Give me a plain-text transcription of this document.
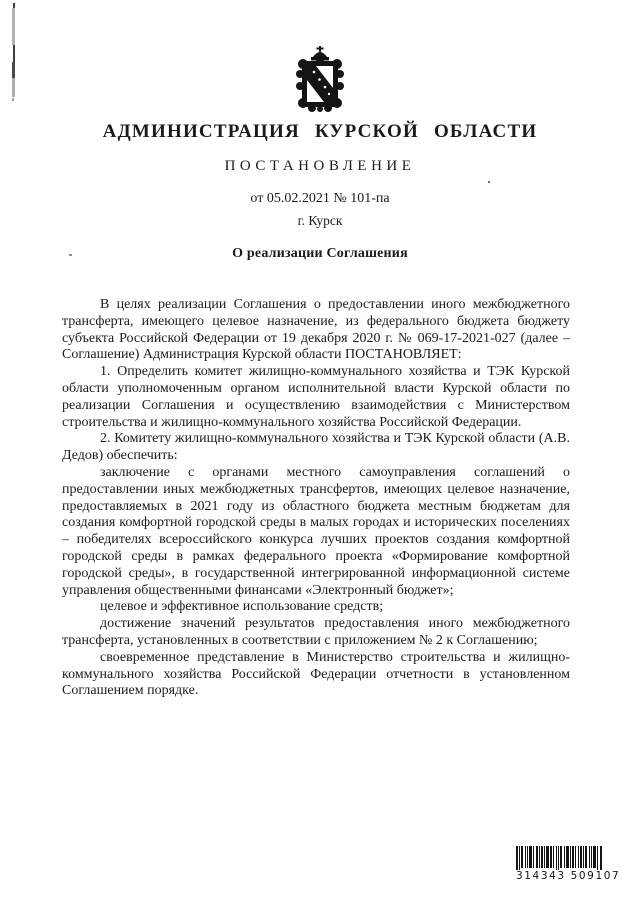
АДМИНИСТРАЦИЯ КУРСКОЙ ОБЛАСТИ
ПОСТАНОВЛЕНИЕ
от 05.02.2021 № 101-па
г. Курск
О реализации Соглашения

В целях реализации Соглашения о предоставлении иного межбюджетного трансферта, имеющего целевое назначение, из федерального бюджета бюджету субъекта Российской Федерации от 19 декабря 2020 г. № 069-17-2021-027 (далее – Соглашение) Администрация Курской области ПОСТАНОВЛЯЕТ:

1. Определить комитет жилищно-коммунального хозяйства и ТЭК Курской области уполномоченным органом исполнительной власти Курской области по реализации Соглашения и осуществлению взаимодействия с Министерством строительства и жилищно-коммунального хозяйства Российской Федерации.

2. Комитету жилищно-коммунального хозяйства и ТЭК Курской области (А.В. Дедов) обеспечить:

заключение с органами местного самоуправления соглашений о предоставлении иных межбюджетных трансфертов, имеющих целевое назначение, предоставляемых в 2021 году из областного бюджета местным бюджетам для создания комфортной городской среды в малых городах и исторических поселениях – победителях всероссийского конкурса лучших проектов создания комфортной городской среды в рамках федерального проекта «Формирование комфортной городской среды», в государственной интегрированной информационной системе управления общественными финансами «Электронный бюджет»;

целевое и эффективное использование средств;

достижение значений результатов предоставления иного межбюджетного трансферта, установленных в соответствии с приложением № 2 к Соглашению;

своевременное представление в Министерство строительства и жилищно-коммунального хозяйства Российской Федерации отчетности в установленном Соглашением порядке.

314343 509107
